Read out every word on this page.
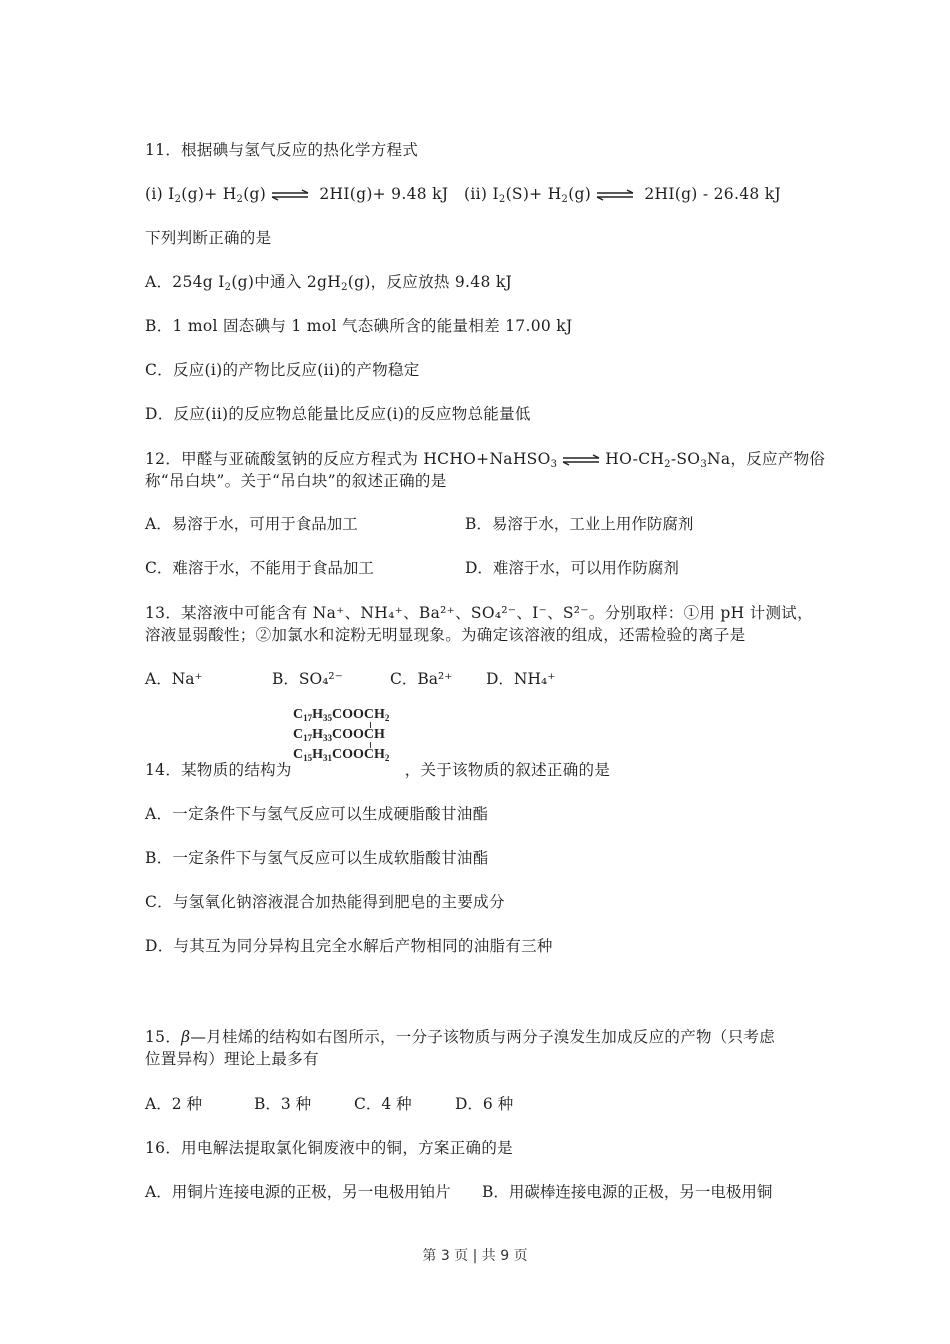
11．根据碘与氢气反应的热化学方程式
(i) $I_2(g)+ H_2(g)$ ⇌ 2HI(g)+ 9.48 kJ   (ii) $I_2(S)+ H_2(g)$ ⇌ 2HI(g) - 26.48 kJ
下列判断正确的是
A．254g $I_2(g)$中通入 $2gH_2(g)$，反应放热 9.48 kJ
B．1 mol 固态碘与 1 mol 气态碘所含的能量相差 17.00 kJ
C．反应(i)的产物比反应(ii)的产物稳定
D．反应(ii)的反应物总能量比反应(i)的反应物总能量低
12．甲醛与亚硫酸氢钠的反应方程式为 HCHO+NaHSO$_3$ ⇌ $HO-CH_2-SO_3Na$，反应产物俗
称“吊白块”。关于“吊白块”的叙述正确的是
A．易溶于水，可用于食品加工	B．易溶于水，工业上用作防腐剂
C．难溶于水，不能用于食品加工	D．难溶于水，可以用作防腐剂
13．某溶液中可能含有 Na⁺、NH₄⁺、Ba²⁺、SO₄²⁻、I⁻、S²⁻。分别取样：①用 pH 计测试，
溶液显弱酸性；②加氯水和淀粉无明显现象。为确定该溶液的组成，还需检验的离子是
A．Na⁺	B．SO₄²⁻	C．Ba²⁺ D．NH₄⁺
$C_{17}H_{35}COOCH_2$
$C_{17}H_{33}COOCH$
$C_{15}H_{31}COOCH_2$
14．某物质的结构为	，关于该物质的叙述正确的是
A．一定条件下与氢气反应可以生成硬脂酸甘油酯
B．一定条件下与氢气反应可以生成软脂酸甘油酯
C．与氢氧化钠溶液混合加热能得到肥皂的主要成分
D．与其互为同分异构且完全水解后产物相同的油脂有三种
15．β—月桂烯的结构如右图所示，一分子该物质与两分子溴发生加成反应的产物（只考虑
位置异构）理论上最多有
A．2 种	B．3 种	C．4 种	D．6 种
16．用电解法提取氯化铜废液中的铜，方案正确的是
A．用铜片连接电源的正极，另一电极用铂片 B．用碳棒连接电源的正极，另一电极用铜
第 3 页 | 共 9 页
